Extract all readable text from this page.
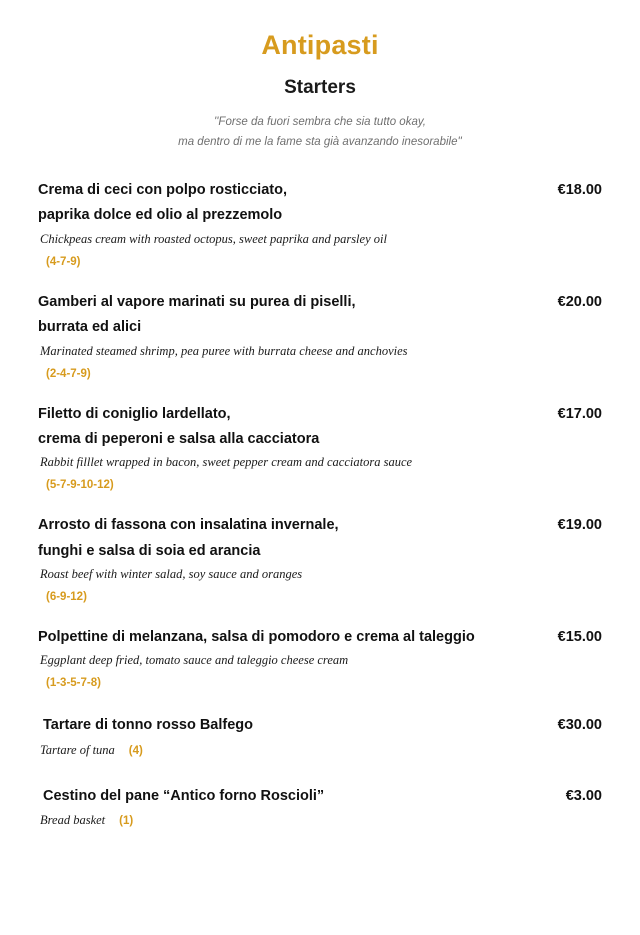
Antipasti
Starters
''Forse da fuori sembra che sia tutto okay,
ma dentro di me la fame sta già avanzando inesorabile''
Crema di ceci con polpo rosticciato,
paprika dolce ed olio al prezzemolo
€18.00
Chickpeas cream with roasted octopus, sweet paprika and parsley oil
(4-7-9)
Gamberi al vapore marinati su purea di piselli,
burrata ed alici
€20.00
Marinated steamed shrimp, pea puree with burrata cheese and anchovies
(2-4-7-9)
Filetto di coniglio lardellato,
crema di peperoni e salsa alla cacciatora
€17.00
Rabbit filllet wrapped in bacon, sweet pepper cream and cacciatora sauce
(5-7-9-10-12)
Arrosto di fassona con insalatina invernale,
funghi e salsa di soia ed arancia
€19.00
Roast beef with winter salad, soy sauce and oranges
(6-9-12)
Polpettine di melanzana, salsa di pomodoro e crema al taleggio	€15.00
Eggplant deep fried, tomato sauce and taleggio cheese cream
(1-3-5-7-8)
Tartare di tonno rosso Balfego	€30.00
Tartare of tuna (4)
Cestino del pane “Antico forno Roscioli”	€3.00
Bread basket (1)
